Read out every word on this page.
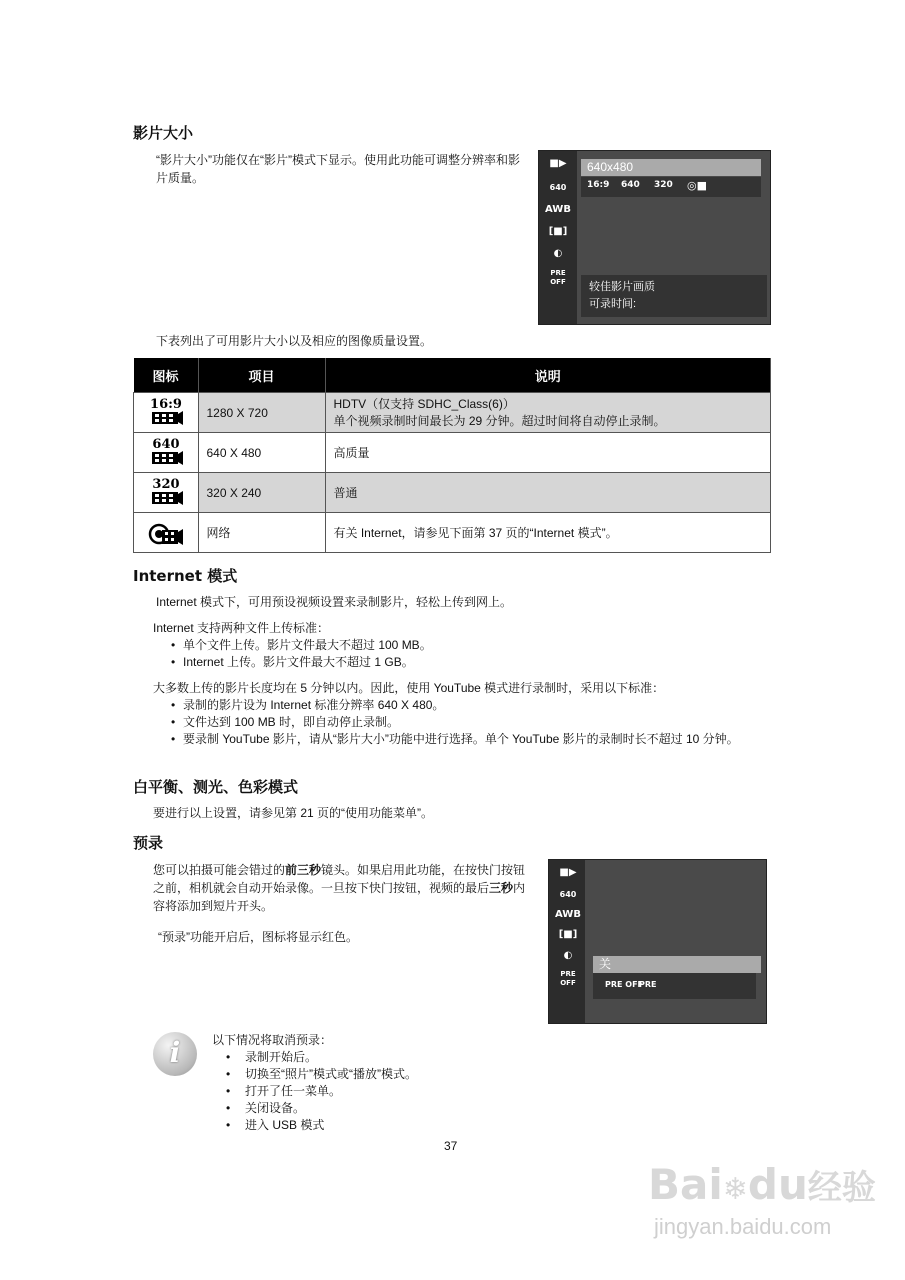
影片大小

“影片大小”功能仅在“影片”模式下显示。使用此功能可调整分辨率和影片质量。

■▶
640
AWB
[■]
◐
PRE
OFF
640x480
16:9 640 320 ◎■
较佳影片画质
可录时间:

下表列出了可用影片大小以及相应的图像质量设置。

图标	项目	说明

16:9	1280 X 720	HDTV（仅支持 SDHC_Class(6)）
单个视频录制时间最长为 29 分钟。超过时间将自动停止录制。

640	640 X 480	高质量

320	320 X 240	普通
	网络	有关 Internet，请参见下面第 37 页的“Internet 模式”。
Internet 模式

Internet 模式下，可用预设视频设置来录制影片，轻松上传到网上。

Internet 支持两种文件上传标准：

• 单个文件上传。影片文件最大不超过 100 MB。
• Internet 上传。影片文件最大不超过 1 GB。

大多数上传的影片长度均在 5 分钟以内。因此，使用 YouTube 模式进行录制时，采用以下标准：

• 录制的影片设为 Internet 标准分辨率 640 X 480。
• 文件达到 100 MB 时，即自动停止录制。
• 要录制 YouTube 影片，请从“影片大小”功能中进行选择。单个 YouTube 影片的录制时长不超过 10 分钟。
白平衡、测光、色彩模式

要进行以上设置，请参见第 21 页的“使用功能菜单”。

预录

您可以拍摄可能会错过的前三秒镜头。如果启用此功能，在按快门按钮之前，相机就会自动开始录像。一旦按下快门按钮，视频的最后三秒内容将添加到短片开头。

“预录”功能开启后，图标将显示红色。

■▶
640
AWB
[■]
◐
PRE
OFF
关
PRE OFF
PRE
i	以下情况将取消预录：

• 录制开始后。
• 切换至“照片”模式或“播放”模式。
• 打开了任一菜单。
• 关闭设备。
• 进入 USB 模式
37
Bai❄du经验
jingyan.baidu.com
